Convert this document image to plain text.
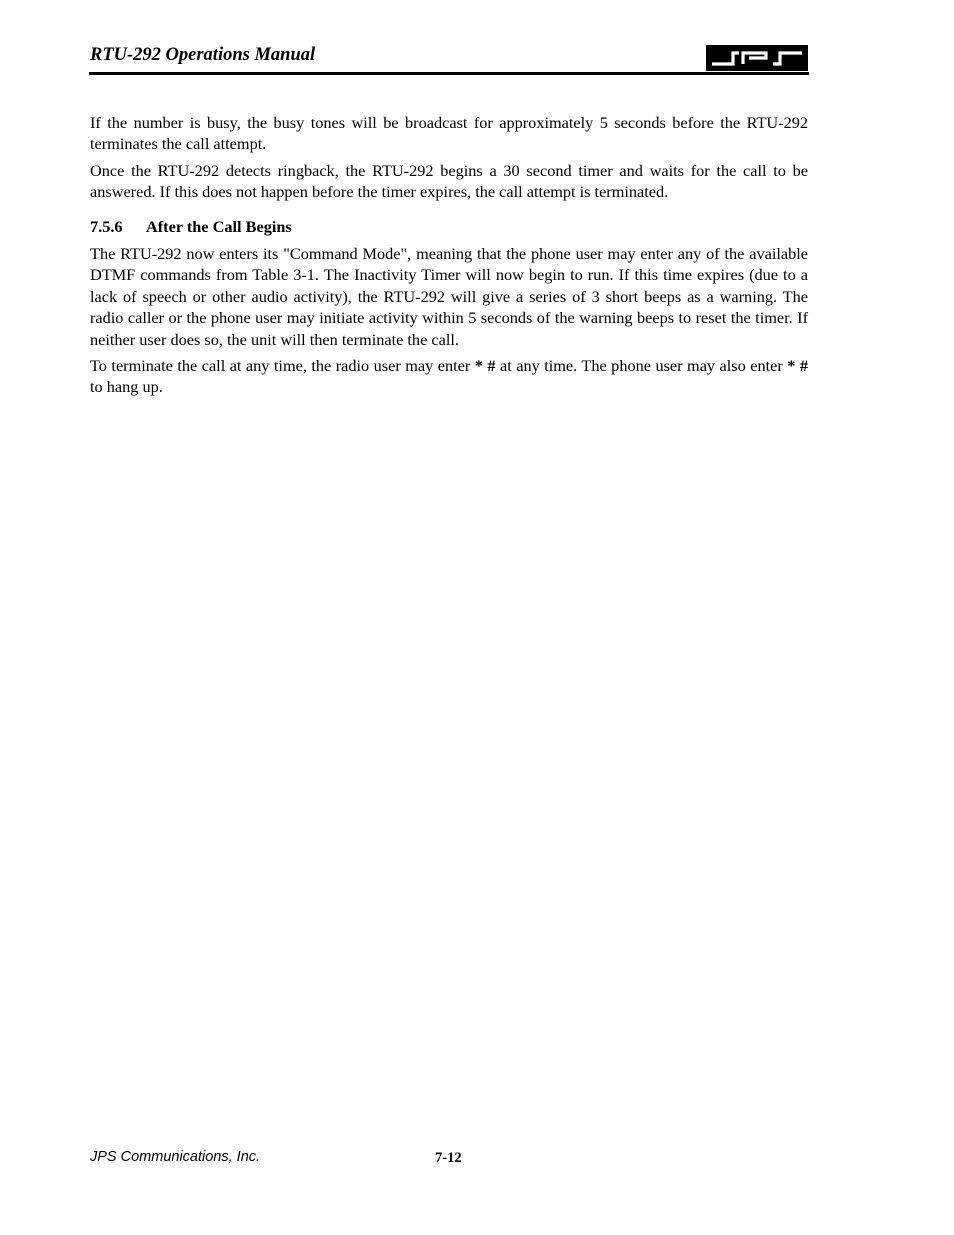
RTU-292 Operations Manual

If the number is busy, the busy tones will be broadcast for approximately 5 seconds before the RTU-292 terminates the call attempt.

Once the RTU-292 detects ringback, the RTU-292 begins a 30 second timer and waits for the call to be answered. If this does not happen before the timer expires, the call attempt is terminated.

7.5.6	After the Call Begins

The RTU-292 now enters its "Command Mode", meaning that the phone user may enter any of the available DTMF commands from Table 3-1. The Inactivity Timer will now begin to run. If this time expires (due to a lack of speech or other audio activity), the RTU-292 will give a series of 3 short beeps as a warning. The radio caller or the phone user may initiate activity within 5 seconds of the warning beeps to reset the timer. If neither user does so, the unit will then terminate the call.

To terminate the call at any time, the radio user may enter * # at any time. The phone user may also enter * # to hang up.

JPS Communications, Inc.	7-12
